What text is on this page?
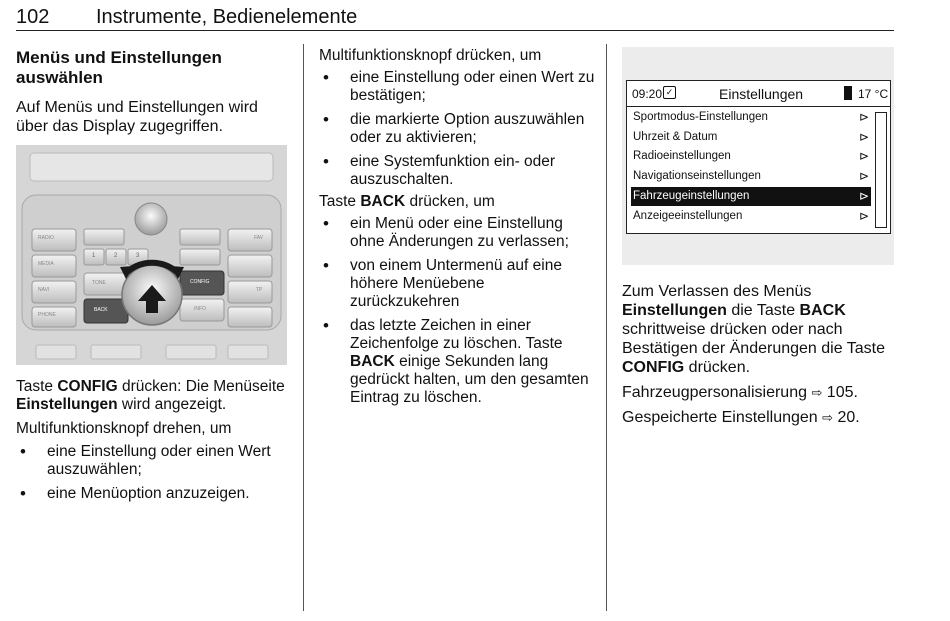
102 Instrumente, Bedienelemente
Menüs und Einstellungen auswählen

Auf Menüs und Einstellungen wird über das Display zugegriffen.

RADIO
MEDIA
NAVI
PHONE
FAV
TP
TONE
INFO
BACK
CONFIG
1	2	3

Taste CONFIG drücken: Die Menüseite Einstellungen wird angezeigt.

Multifunktionsknopf drehen, um

• eine Einstellung oder einen Wert auszuwählen;
• eine Menüoption anzuzeigen.

Multifunktionsknopf drücken, um

• eine Einstellung oder einen Wert zu bestätigen;
• die markierte Option auszuwählen oder zu aktivieren;
• eine Systemfunktion ein- oder auszuschalten.

Taste BACK drücken, um

• ein Menü oder eine Einstellung ohne Änderungen zu verlassen;
• von einem Untermenü auf eine höhere Menüebene zurückzukehren
• das letzte Zeichen in einer Zeichenfolge zu löschen. Taste BACK einige Sekunden lang gedrückt halten, um den gesamten Eintrag zu löschen.
09:20 ✓	Einstellungen	17 °C
Sportmodus-Einstellungen	⊳
Uhrzeit & Datum	⊳
Radioeinstellungen	⊳
Navigationseinstellungen	⊳
Fahrzeugeinstellungen	⊳
Anzeigeeinstellungen	⊳

Zum Verlassen des Menüs Einstellungen die Taste BACK schrittweise drücken oder nach Bestätigen der Änderungen die Taste CONFIG drücken.

Fahrzeugpersonalisierung ⇨ 105.

Gespeicherte Einstellungen ⇨ 20.
